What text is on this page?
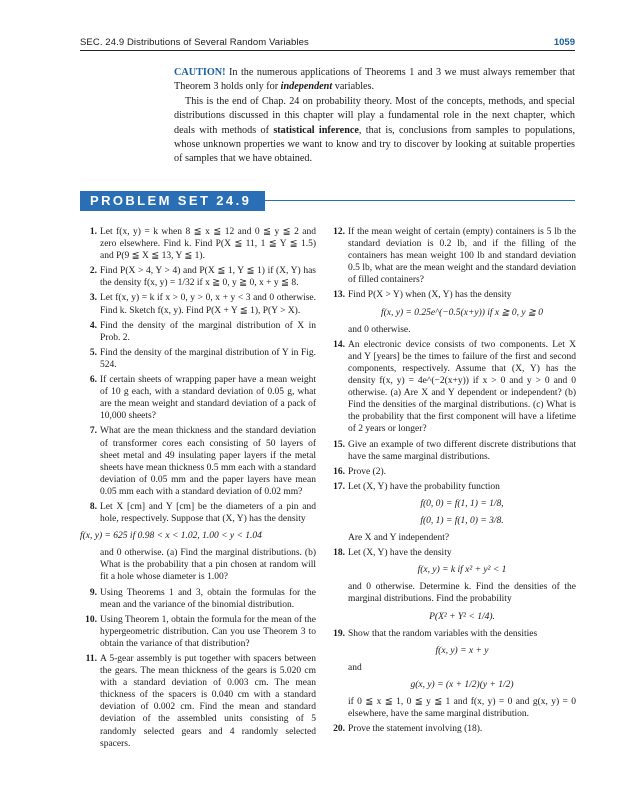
SEC. 24.9 Distributions of Several Random Variables	1059

CAUTION! In the numerous applications of Theorems 1 and 3 we must always remember that Theorem 3 holds only for independent variables.

This is the end of Chap. 24 on probability theory. Most of the concepts, methods, and special distributions discussed in this chapter will play a fundamental role in the next chapter, which deals with methods of statistical inference, that is, conclusions from samples to populations, whose unknown properties we want to know and try to discover by looking at suitable properties of samples that we have obtained.

PROBLEM SET 24.9
1. Let f(x, y) = k when 8 ≦ x ≦ 12 and 0 ≦ y ≦ 2 and zero elsewhere. Find k. Find P(X ≦ 11, 1 ≦ Y ≦ 1.5) and P(9 ≦ X ≦ 13, Y ≦ 1).
2. Find P(X > 4, Y > 4) and P(X ≦ 1, Y ≦ 1) if (X, Y) has the density f(x, y) = 1/32 if x ≧ 0, y ≧ 0, x + y ≦ 8.
3. Let f(x, y) = k if x > 0, y > 0, x + y < 3 and 0 otherwise. Find k. Sketch f(x, y). Find P(X + Y ≦ 1), P(Y > X).
4. Find the density of the marginal distribution of X in Prob. 2.
5. Find the density of the marginal distribution of Y in Fig. 524.
6. If certain sheets of wrapping paper have a mean weight of 10 g each, with a standard deviation of 0.05 g, what are the mean weight and standard deviation of a pack of 10,000 sheets?
7. What are the mean thickness and the standard deviation of transformer cores each consisting of 50 layers of sheet metal and 49 insulating paper layers if the metal sheets have mean thickness 0.5 mm each with a standard deviation of 0.05 mm and the paper layers have mean 0.05 mm each with a standard deviation of 0.02 mm?
8. Let X [cm] and Y [cm] be the diameters of a pin and hole, respectively. Suppose that (X, Y) has the density
f(x, y) = 625 if 0.98 < x < 1.02, 1.00 < y < 1.04
and 0 otherwise. (a) Find the marginal distributions. (b) What is the probability that a pin chosen at random will fit a hole whose diameter is 1.00?
9. Using Theorems 1 and 3, obtain the formulas for the mean and the variance of the binomial distribution.
10. Using Theorem 1, obtain the formula for the mean of the hypergeometric distribution. Can you use Theorem 3 to obtain the variance of that distribution?
11. A 5-gear assembly is put together with spacers between the gears. The mean thickness of the gears is 5.020 cm with a standard deviation of 0.003 cm. The mean thickness of the spacers is 0.040 cm with a standard deviation of 0.002 cm. Find the mean and standard deviation of the assembled units consisting of 5 randomly selected gears and 4 randomly selected spacers.
12. If the mean weight of certain (empty) containers is 5 lb the standard deviation is 0.2 lb, and if the filling of the containers has mean weight 100 lb and standard deviation 0.5 lb, what are the mean weight and the standard deviation of filled containers?
13. Find P(X > Y) when (X, Y) has the density
f(x, y) = 0.25e^(−0.5(x+y)) if x ≧ 0, y ≧ 0
and 0 otherwise.
14. An electronic device consists of two components. Let X and Y [years] be the times to failure of the first and second components, respectively. Assume that (X, Y) has the density f(x, y) = 4e^(−2(x+y)) if x > 0 and y > 0 and 0 otherwise. (a) Are X and Y dependent or independent? (b) Find the densities of the marginal distributions. (c) What is the probability that the first component will have a lifetime of 2 years or longer?
15. Give an example of two different discrete distributions that have the same marginal distributions.
16. Prove (2).
17. Let (X, Y) have the probability function
f(0, 0) = f(1, 1) = 1/8,
f(0, 1) = f(1, 0) = 3/8.
Are X and Y independent?
18. Let (X, Y) have the density
f(x, y) = k if x² + y² < 1
and 0 otherwise. Determine k. Find the densities of the marginal distributions. Find the probability
P(X² + Y² < 1/4).
19. Show that the random variables with the densities
f(x, y) = x + y
and
g(x, y) = (x + 1/2)(y + 1/2)
if 0 ≦ x ≦ 1, 0 ≦ y ≦ 1 and f(x, y) = 0 and g(x, y) = 0 elsewhere, have the same marginal distribution.
20. Prove the statement involving (18).
